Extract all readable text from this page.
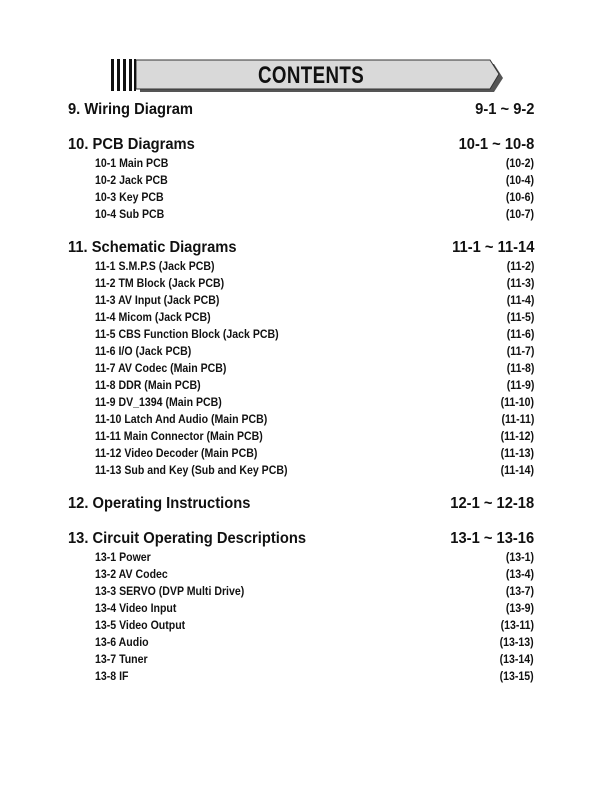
CONTENTS
9. Wiring Diagram	9-1 ~ 9-2
10. PCB Diagrams	10-1 ~ 10-8
10-1 Main PCB	(10-2)
10-2 Jack PCB	(10-4)
10-3 Key PCB	(10-6)
10-4 Sub PCB	(10-7)
11. Schematic Diagrams	11-1 ~ 11-14
11-1 S.M.P.S (Jack PCB)	(11-2)
11-2 TM Block (Jack PCB)	(11-3)
11-3 AV Input (Jack PCB)	(11-4)
11-4 Micom (Jack PCB)	(11-5)
11-5 CBS Function Block (Jack PCB)	(11-6)
11-6 I/O (Jack PCB)	(11-7)
11-7 AV Codec (Main PCB)	(11-8)
11-8 DDR (Main PCB)	(11-9)
11-9 DV_1394 (Main PCB)	(11-10)
11-10 Latch And Audio (Main PCB)	(11-11)
11-11 Main Connector (Main PCB)	(11-12)
11-12 Video Decoder (Main PCB)	(11-13)
11-13 Sub and Key (Sub and Key PCB)	(11-14)
12. Operating Instructions	12-1 ~ 12-18
13. Circuit Operating Descriptions	13-1 ~ 13-16
13-1 Power	(13-1)
13-2 AV Codec	(13-4)
13-3 SERVO (DVP Multi Drive)	(13-7)
13-4 Video Input	(13-9)
13-5 Video Output	(13-11)
13-6 Audio	(13-13)
13-7 Tuner	(13-14)
13-8 IF	(13-15)
